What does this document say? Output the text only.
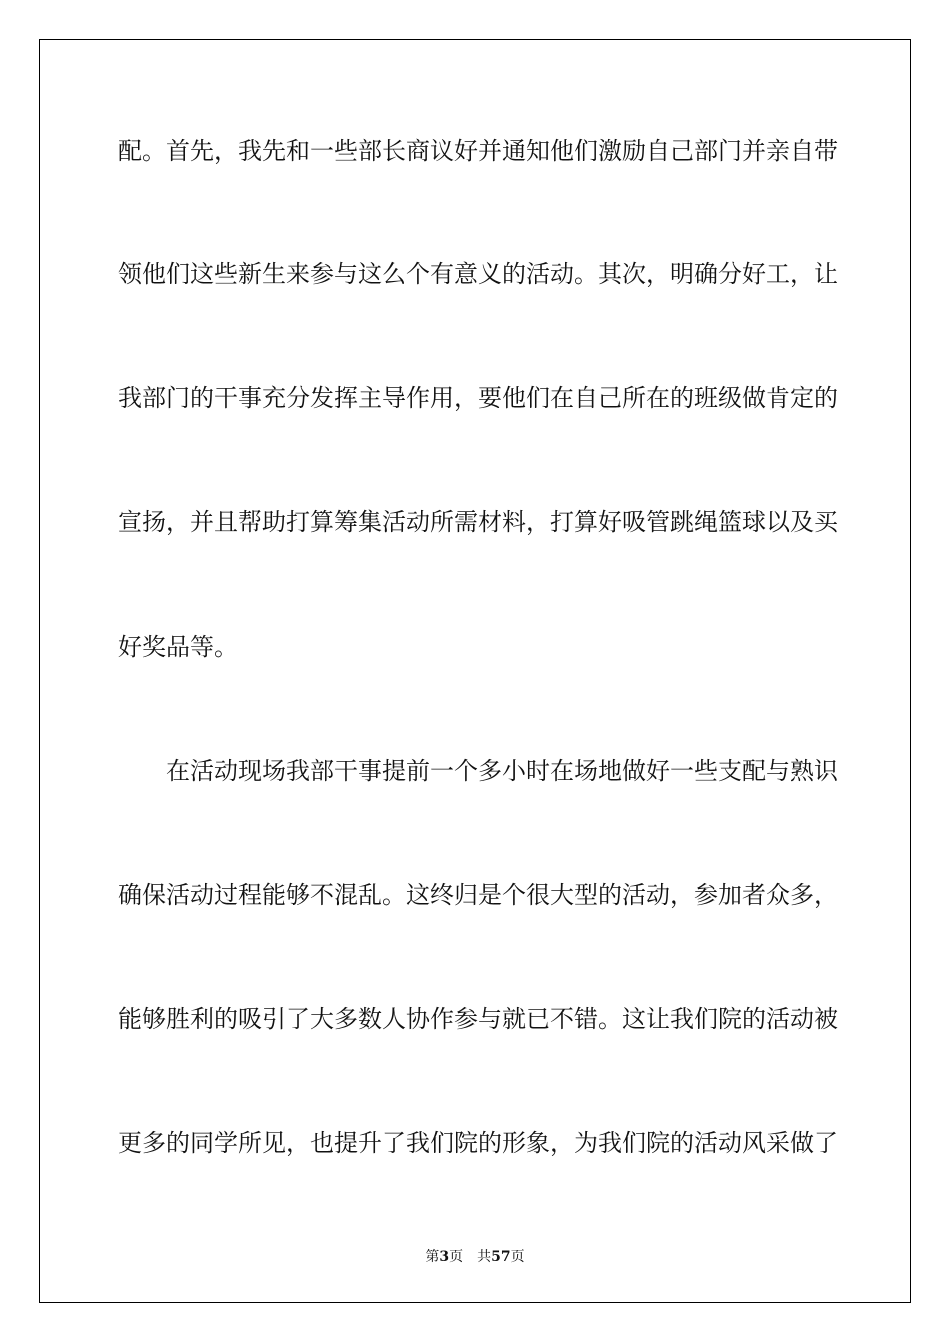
配。首先，我先和一些部长商议好并通知他们激励自己部门并亲自带
领他们这些新生来参与这么个有意义的活动。其次，明确分好工，让
我部门的干事充分发挥主导作用，要他们在自己所在的班级做肯定的
宣扬，并且帮助打算筹集活动所需材料，打算好吸管跳绳篮球以及买
好奖品等。
在活动现场我部干事提前一个多小时在场地做好一些支配与熟识
确保活动过程能够不混乱。这终归是个很大型的活动，参加者众多，
能够胜利的吸引了大多数人协作参与就已不错。这让我们院的活动被
更多的同学所见，也提升了我们院的形象，为我们院的活动风采做了
第3页 共57页
